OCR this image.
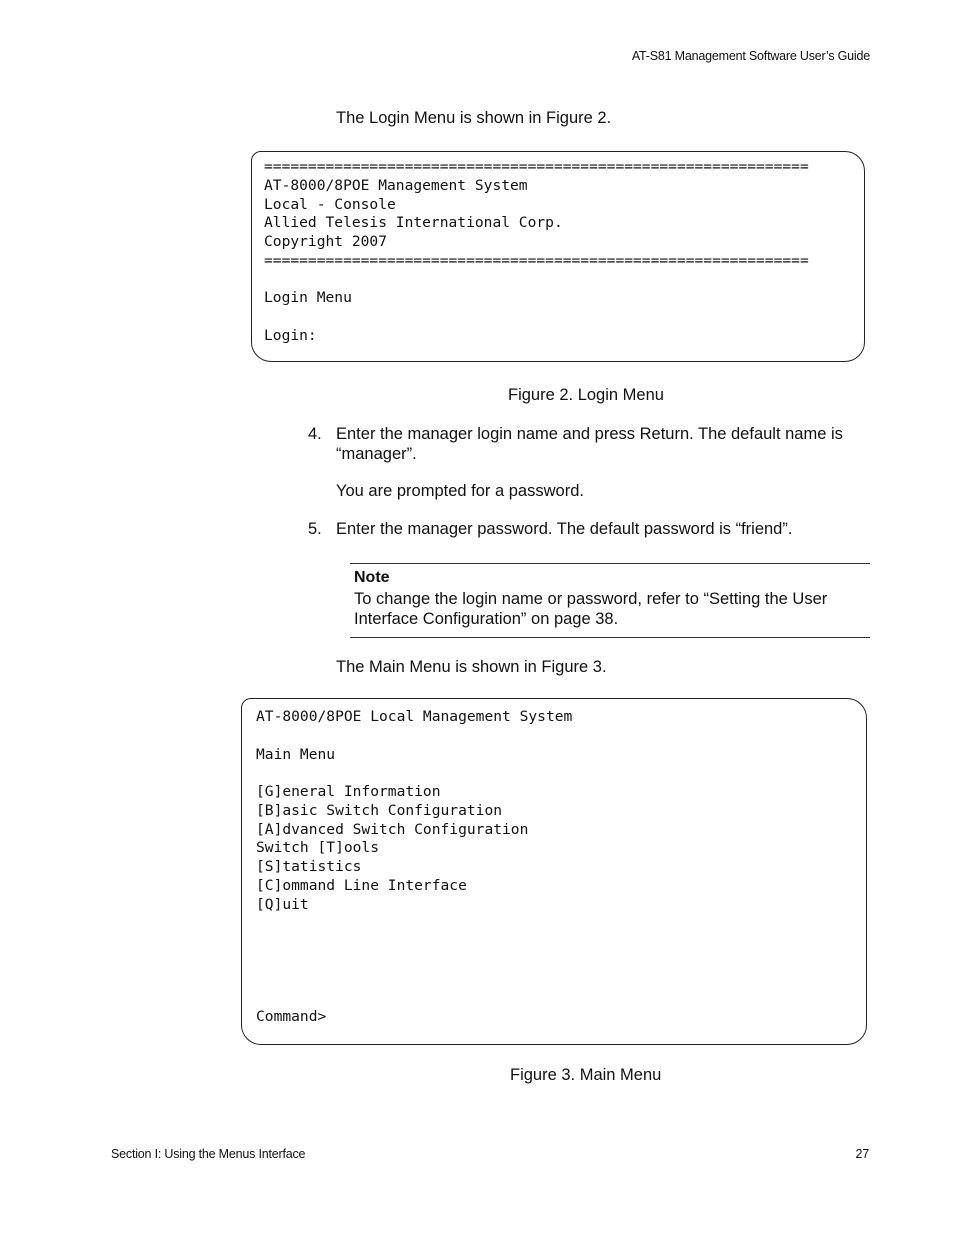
AT-S81 Management Software User’s Guide
The Login Menu is shown in Figure 2.
==============================================================
AT-8000/8POE Management System
Local - Console
Allied Telesis International Corp.
Copyright 2007
==============================================================

Login Menu

Login:
Figure 2. Login Menu
4. Enter the manager login name and press Return. The default name is “manager”.
You are prompted for a password.
5. Enter the manager password. The default password is “friend”.
Note
To change the login name or password, refer to “Setting the User Interface Configuration” on page 38.
The Main Menu is shown in Figure 3.
AT-8000/8POE Local Management System

Main Menu

[G]eneral Information
[B]asic Switch Configuration
[A]dvanced Switch Configuration
Switch [T]ools
[S]tatistics
[C]ommand Line Interface
[Q]uit

Command>
Figure 3. Main Menu
Section I: Using the Menus Interface	27
